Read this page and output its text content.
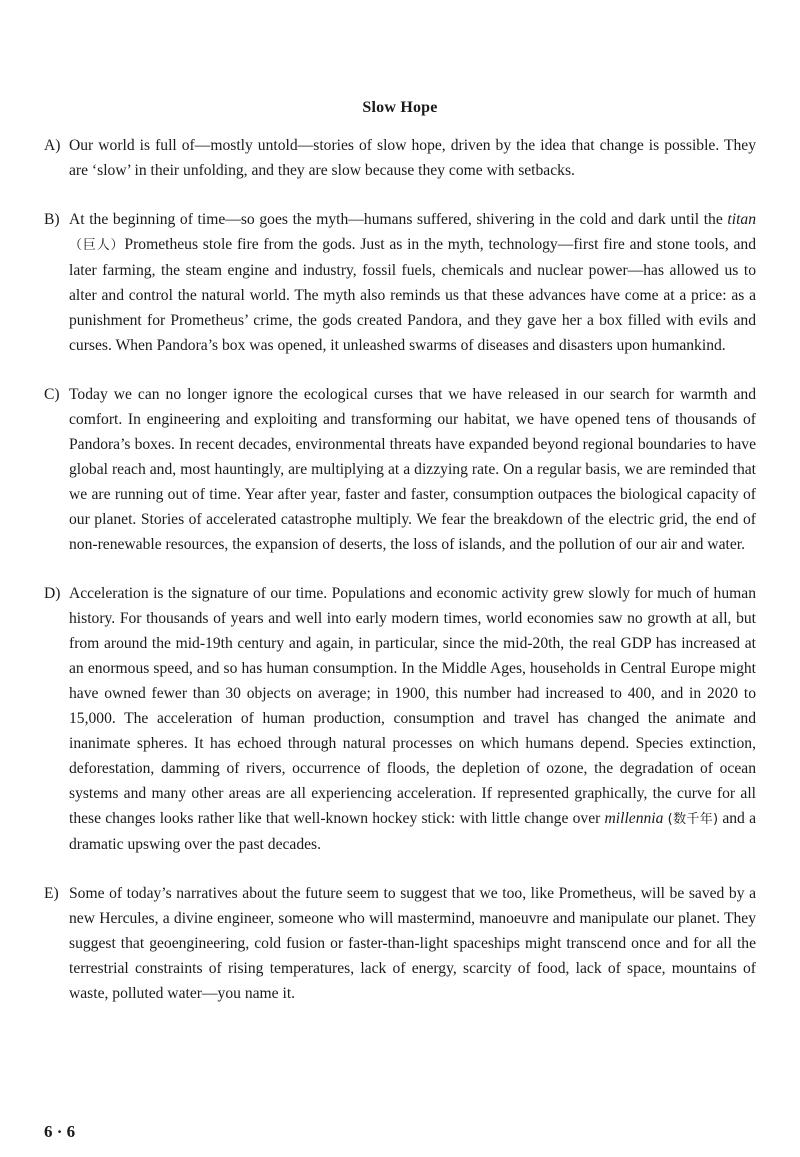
Slow Hope

A) Our world is full of—mostly untold—stories of slow hope, driven by the idea that change is possible. They are ‘slow’ in their unfolding, and they are slow because they come with setbacks.

B) At the beginning of time—so goes the myth—humans suffered, shivering in the cold and dark until the titan（巨人）Prometheus stole fire from the gods. Just as in the myth, technology—first fire and stone tools, and later farming, the steam engine and industry, fossil fuels, chemicals and nuclear power—has allowed us to alter and control the natural world. The myth also reminds us that these advances have come at a price: as a punishment for Prometheus’ crime, the gods created Pandora, and they gave her a box filled with evils and curses. When Pandora’s box was opened, it unleashed swarms of diseases and disasters upon humankind.

C) Today we can no longer ignore the ecological curses that we have released in our search for warmth and comfort. In engineering and exploiting and transforming our habitat, we have opened tens of thousands of Pandora’s boxes. In recent decades, environmental threats have expanded beyond regional boundaries to have global reach and, most hauntingly, are multiplying at a dizzying rate. On a regular basis, we are reminded that we are running out of time. Year after year, faster and faster, consumption outpaces the biological capacity of our planet. Stories of accelerated catastrophe multiply. We fear the breakdown of the electric grid, the end of non-renewable resources, the expansion of deserts, the loss of islands, and the pollution of our air and water.

D) Acceleration is the signature of our time. Populations and economic activity grew slowly for much of human history. For thousands of years and well into early modern times, world economies saw no growth at all, but from around the mid-19th century and again, in particular, since the mid-20th, the real GDP has increased at an enormous speed, and so has human consumption. In the Middle Ages, households in Central Europe might have owned fewer than 30 objects on average; in 1900, this number had increased to 400, and in 2020 to 15,000. The acceleration of human production, consumption and travel has changed the animate and inanimate spheres. It has echoed through natural processes on which humans depend. Species extinction, deforestation, damming of rivers, occurrence of floods, the depletion of ozone, the degradation of ocean systems and many other areas are all experiencing acceleration. If represented graphically, the curve for all these changes looks rather like that well-known hockey stick: with little change over millennia (数千年) and a dramatic upswing over the past decades.

E) Some of today’s narratives about the future seem to suggest that we too, like Prometheus, will be saved by a new Hercules, a divine engineer, someone who will mastermind, manoeuvre and manipulate our planet. They suggest that geoengineering, cold fusion or faster-than-light spaceships might transcend once and for all the terrestrial constraints of rising temperatures, lack of energy, scarcity of food, lack of space, mountains of waste, polluted water—you name it.

6 · 6
